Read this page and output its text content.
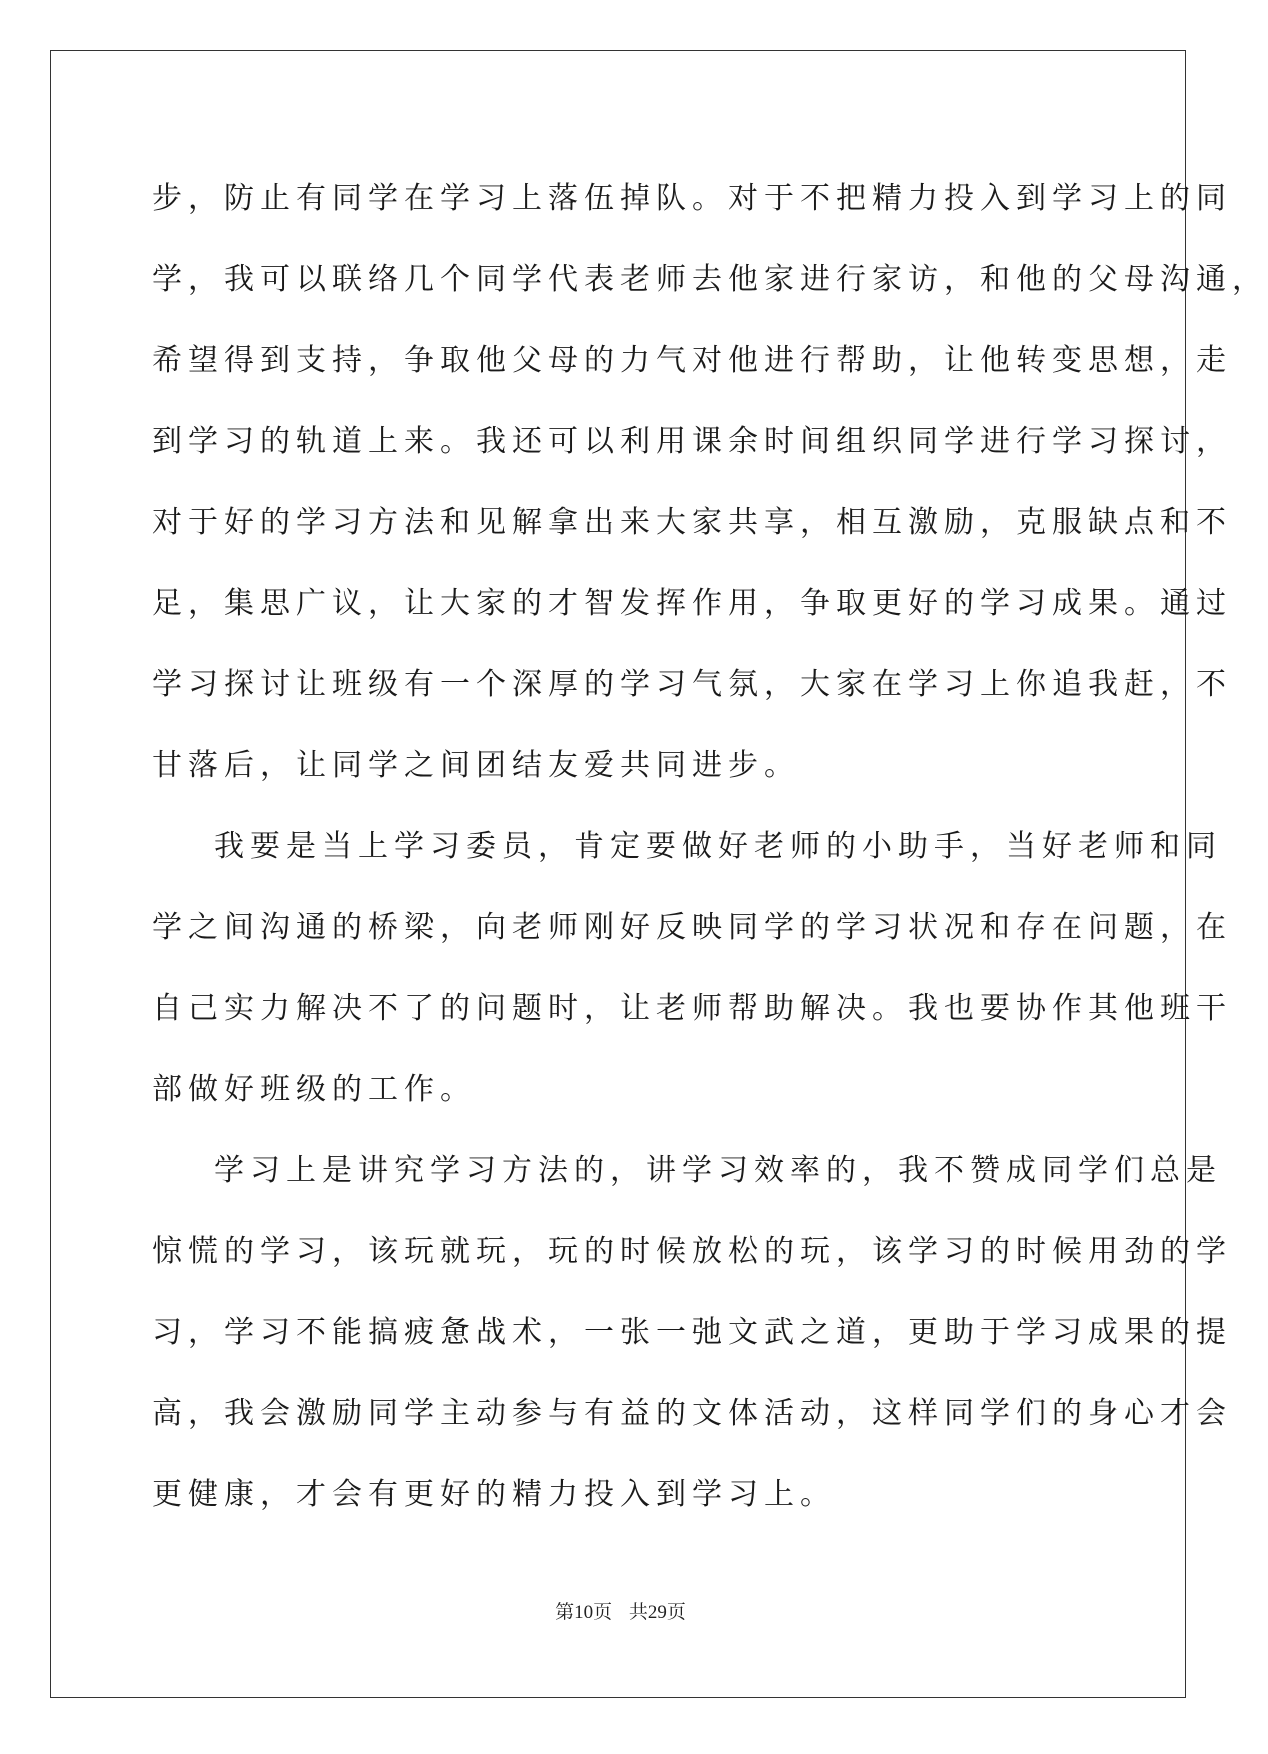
步，防止有同学在学习上落伍掉队。对于不把精力投入到学习上的同
学，我可以联络几个同学代表老师去他家进行家访，和他的父母沟通，
希望得到支持，争取他父母的力气对他进行帮助，让他转变思想，走
到学习的轨道上来。我还可以利用课余时间组织同学进行学习探讨，
对于好的学习方法和见解拿出来大家共享，相互激励，克服缺点和不
足，集思广议，让大家的才智发挥作用，争取更好的学习成果。通过
学习探讨让班级有一个深厚的学习气氛，大家在学习上你追我赶，不
甘落后，让同学之间团结友爱共同进步。
我要是当上学习委员，肯定要做好老师的小助手，当好老师和同
学之间沟通的桥梁，向老师刚好反映同学的学习状况和存在问题，在
自己实力解决不了的问题时，让老师帮助解决。我也要协作其他班干
部做好班级的工作。
学习上是讲究学习方法的，讲学习效率的，我不赞成同学们总是
惊慌的学习，该玩就玩，玩的时候放松的玩，该学习的时候用劲的学
习，学习不能搞疲惫战术，一张一弛文武之道，更助于学习成果的提
高，我会激励同学主动参与有益的文体活动，这样同学们的身心才会
更健康，才会有更好的精力投入到学习上。
第10页 共29页
